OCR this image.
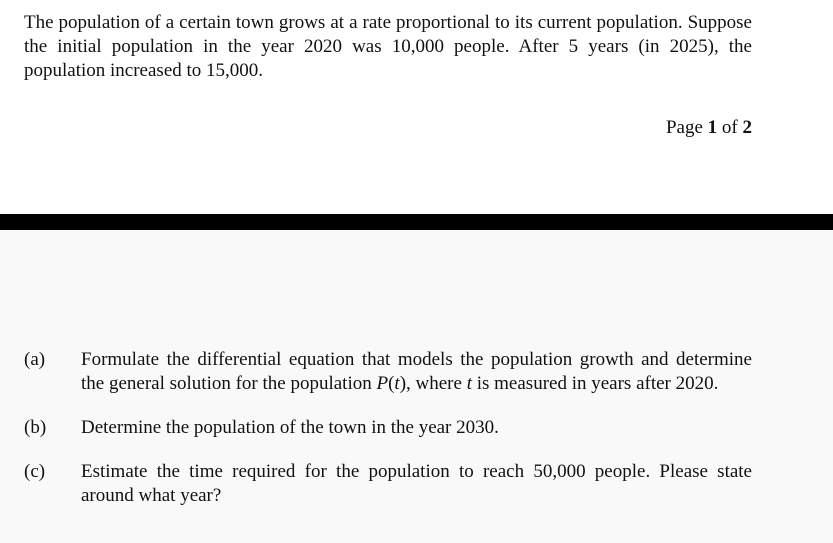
The population of a certain town grows at a rate proportional to its current population. Suppose the initial population in the year 2020 was 10,000 people. After 5 years (in 2025), the population increased to 15,000.

Page 1 of 2
(a) Formulate the differential equation that models the population growth and determine the general solution for the population P(t), where t is measured in years after 2020.

(b) Determine the population of the town in the year 2030.

(c) Estimate the time required for the population to reach 50,000 people. Please state around what year?
